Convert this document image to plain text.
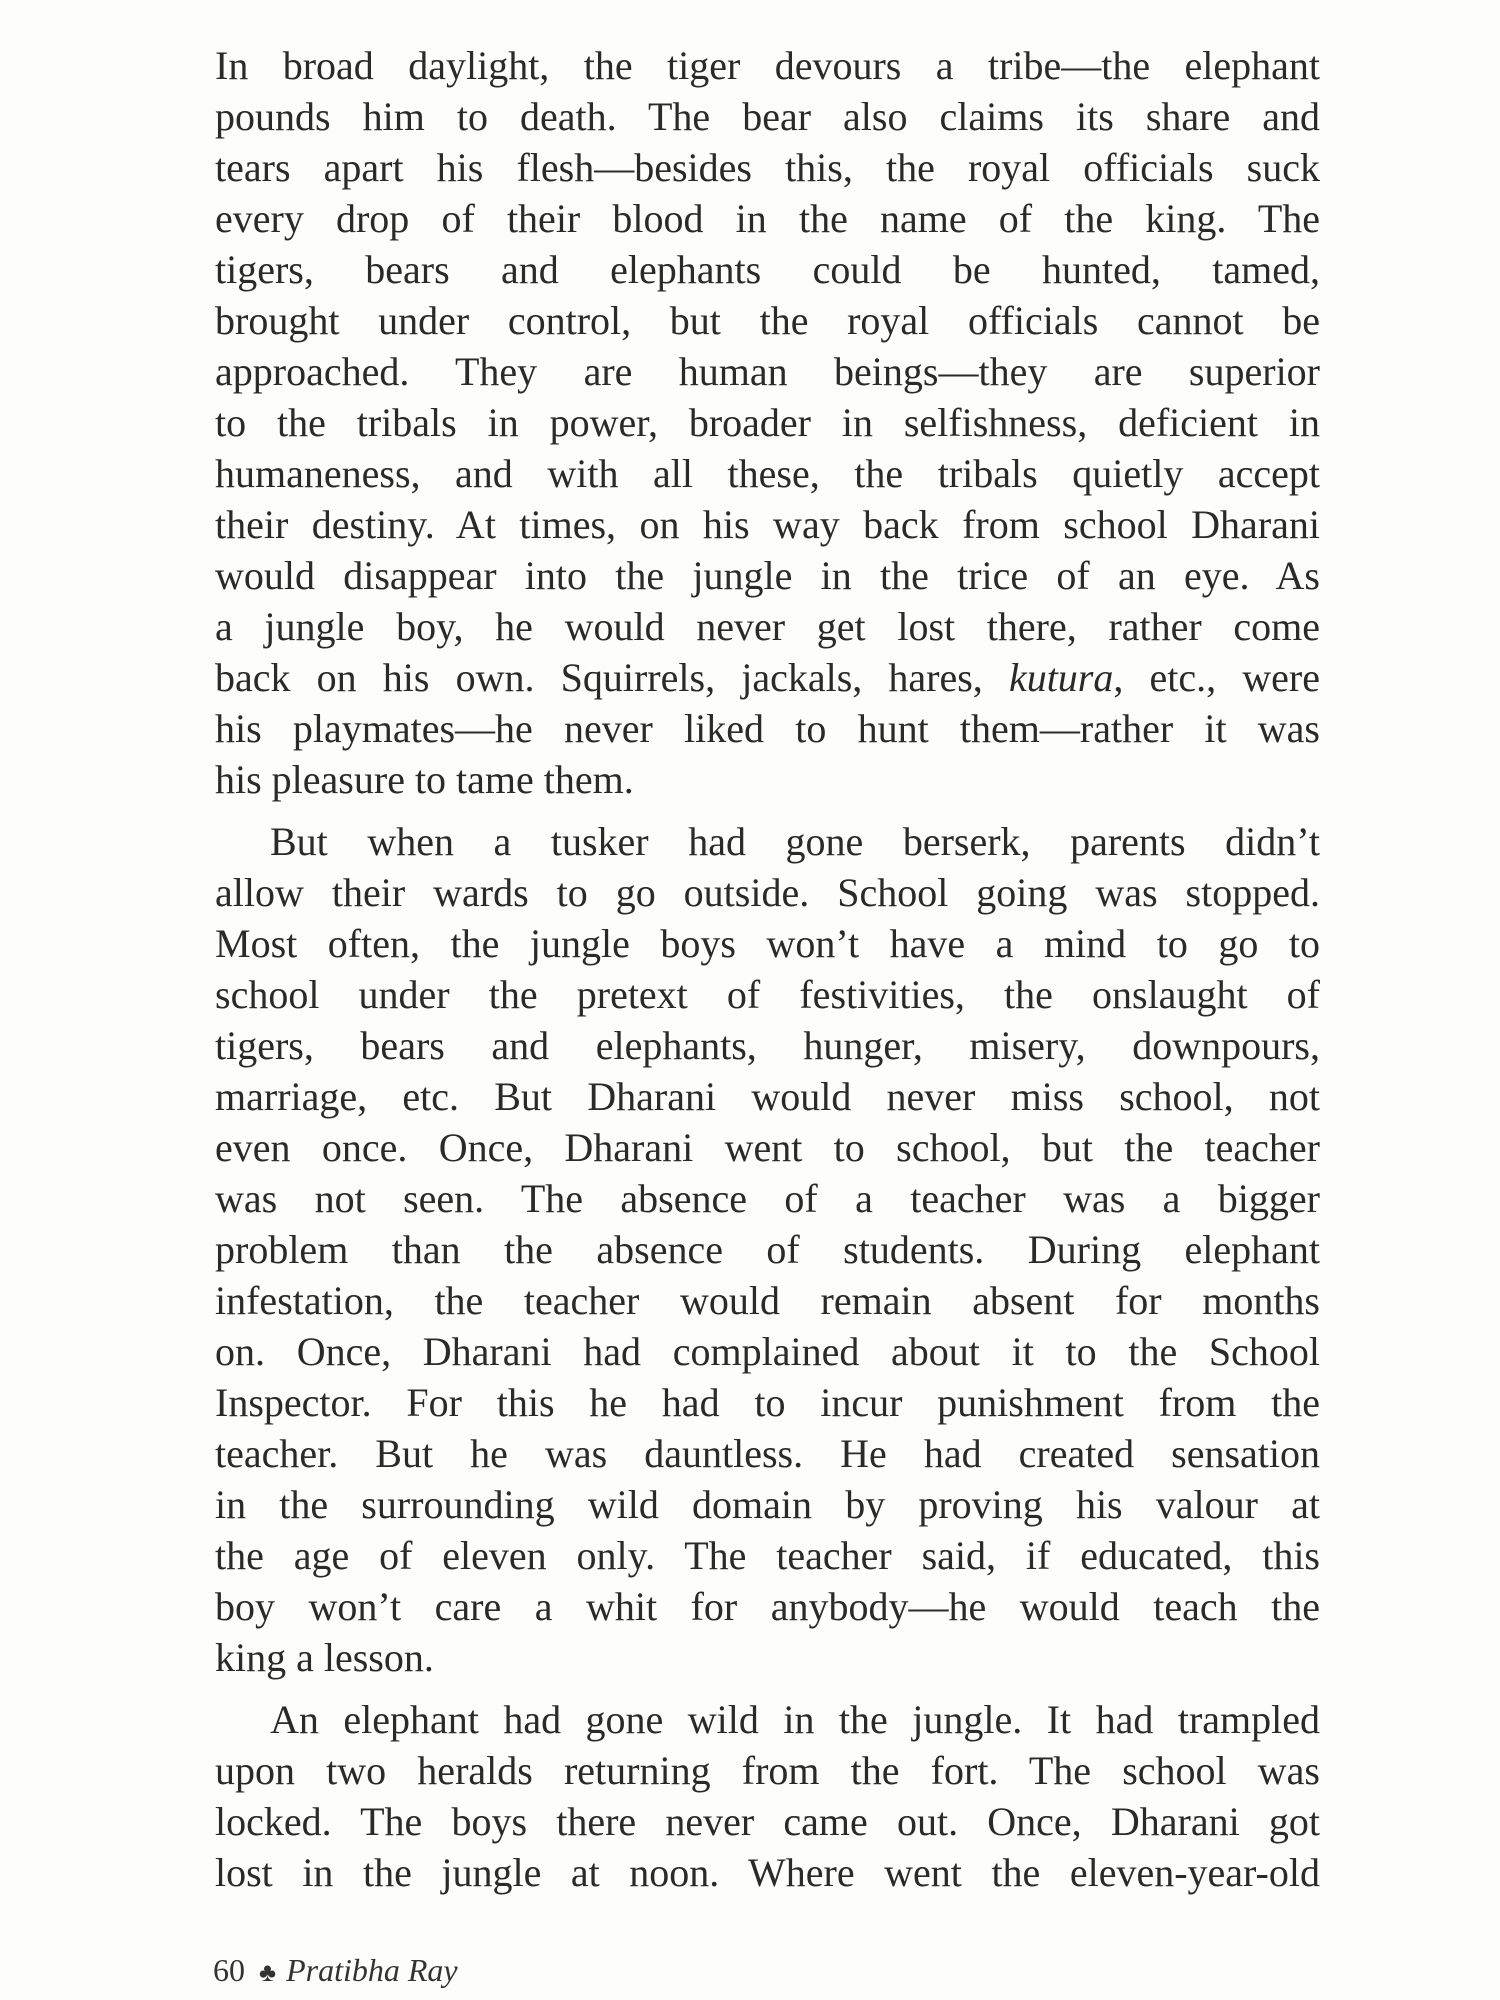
In broad daylight, the tiger devours a tribe—the elephant
pounds him to death. The bear also claims its share and
tears apart his flesh—besides this, the royal officials suck
every drop of their blood in the name of the king. The
tigers, bears and elephants could be hunted, tamed,
brought under control, but the royal officials cannot be
approached. They are human beings—they are superior
to the tribals in power, broader in selfishness, deficient in
humaneness, and with all these, the tribals quietly accept
their destiny. At times, on his way back from school Dharani
would disappear into the jungle in the trice of an eye. As
a jungle boy, he would never get lost there, rather come
back on his own. Squirrels, jackals, hares, kutura, etc., were
his playmates—he never liked to hunt them—rather it was
his pleasure to tame them.
But when a tusker had gone berserk, parents didn’t
allow their wards to go outside. School going was stopped.
Most often, the jungle boys won’t have a mind to go to
school under the pretext of festivities, the onslaught of
tigers, bears and elephants, hunger, misery, downpours,
marriage, etc. But Dharani would never miss school, not
even once. Once, Dharani went to school, but the teacher
was not seen. The absence of a teacher was a bigger
problem than the absence of students. During elephant
infestation, the teacher would remain absent for months
on. Once, Dharani had complained about it to the School
Inspector. For this he had to incur punishment from the
teacher. But he was dauntless. He had created sensation
in the surrounding wild domain by proving his valour at
the age of eleven only. The teacher said, if educated, this
boy won’t care a whit for anybody—he would teach the
king a lesson.
An elephant had gone wild in the jungle. It had trampled
upon two heralds returning from the fort. The school was
locked. The boys there never came out. Once, Dharani got
lost in the jungle at noon. Where went the eleven-year-old
60 ♣ Pratibha Ray
